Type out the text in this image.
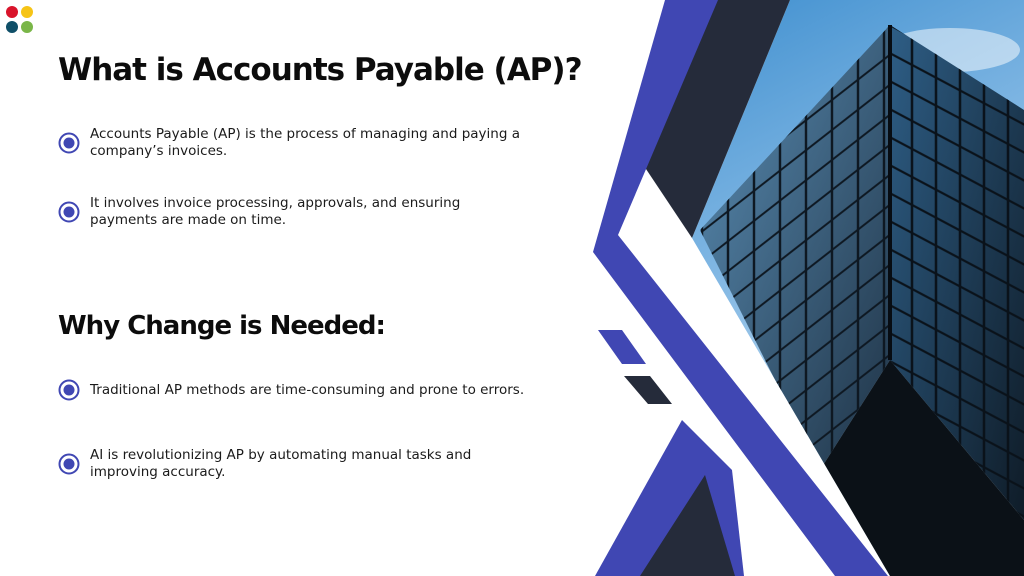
What is Accounts Payable (AP)?

Accounts Payable (AP) is the process of managing and paying a company’s invoices.

It involves invoice processing, approvals, and ensuring payments are made on time.

Why Change is Needed:

Traditional AP methods are time-consuming and prone to errors.

AI is revolutionizing AP by automating manual tasks and improving accuracy.
